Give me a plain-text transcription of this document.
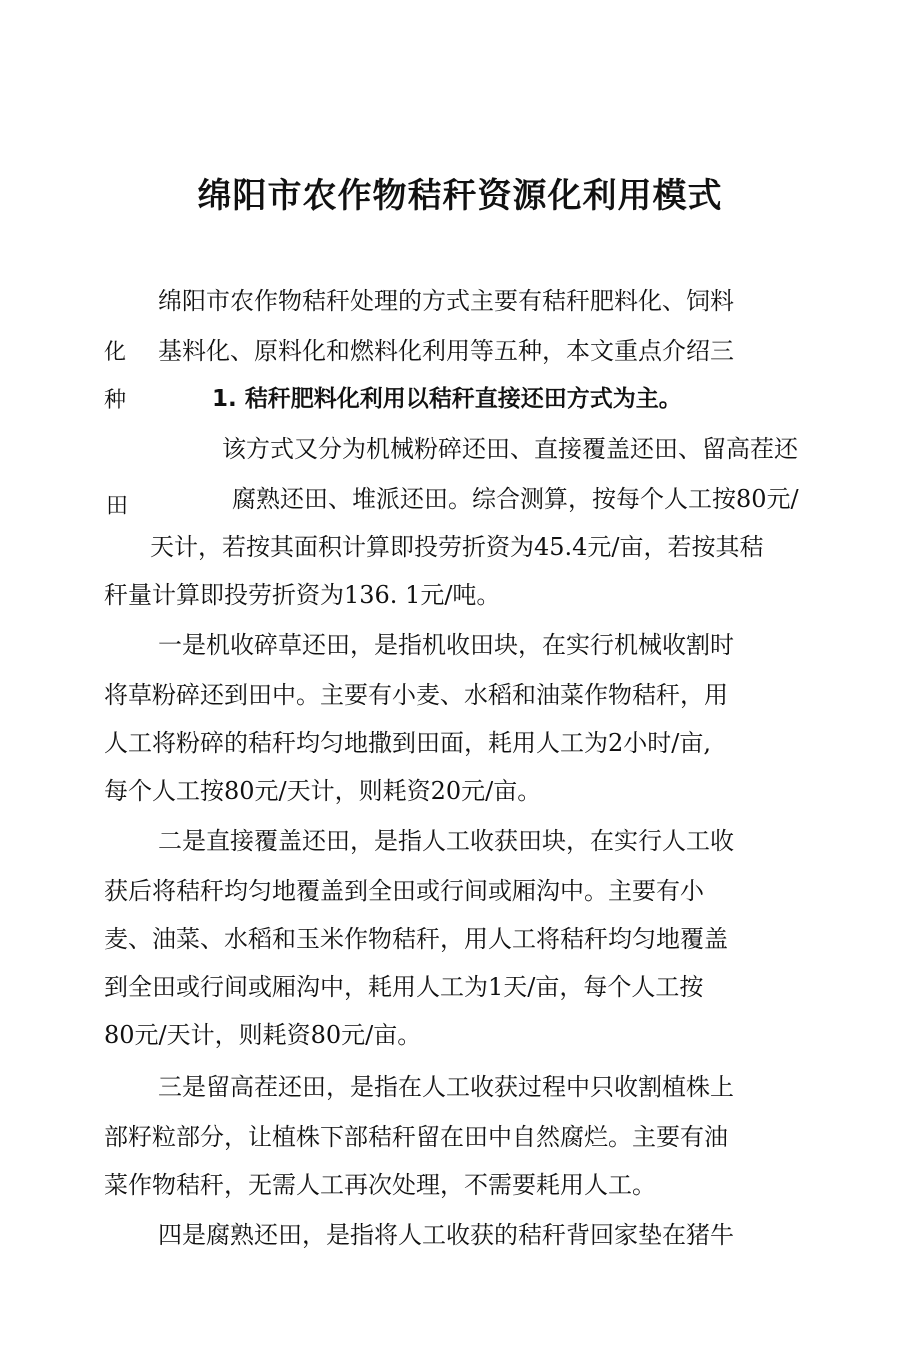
绵阳市农作物秸秆资源化利用模式
化
种
田
绵阳市农作物秸秆处理的方式主要有秸秆肥料化、饲料
基料化、原料化和燃料化利用等五种，本文重点介绍三
1. 秸秆肥料化利用以秸秆直接还田方式为主。
该方式又分为机械粉碎还田、直接覆盖还田、留高茬还
腐熟还田、堆派还田。综合测算，按每个人工按80元/
天计，若按其面积计算即投劳折资为45.4元/亩，若按其秸
秆量计算即投劳折资为136. 1元/吨。
一是机收碎草还田，是指机收田块，在实行机械收割时
将草粉碎还到田中。主要有小麦、水稻和油菜作物秸秆，用
人工将粉碎的秸秆均匀地撒到田面，耗用人工为2小时/亩,
每个人工按80元/天计，则耗资20元/亩。
二是直接覆盖还田，是指人工收获田块，在实行人工收
获后将秸秆均匀地覆盖到全田或行间或厢沟中。主要有小
麦、油菜、水稻和玉米作物秸秆，用人工将秸秆均匀地覆盖
到全田或行间或厢沟中，耗用人工为1天/亩，每个人工按
80元/天计，则耗资80元/亩。
三是留高茬还田，是指在人工收获过程中只收割植株上
部籽粒部分，让植株下部秸秆留在田中自然腐烂。主要有油
菜作物秸秆，无需人工再次处理，不需要耗用人工。
四是腐熟还田，是指将人工收获的秸秆背回家垫在猪牛
